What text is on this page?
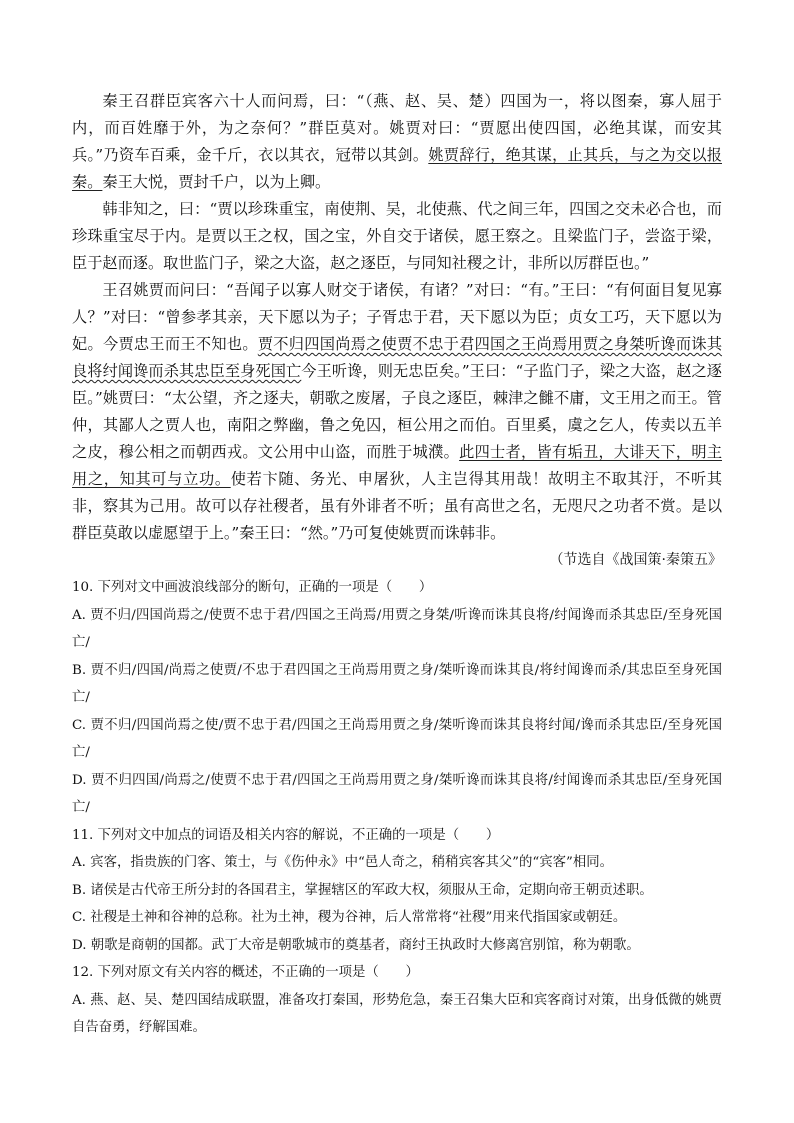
秦王召群臣宾客六十人而问焉，曰：“（燕、赵、吴、楚）四国为一，将以图秦，寡人屈于内，而百姓靡于外，为之奈何？”群臣莫对。姚贾对曰：“贾愿出使四国，必绝其谋，而安其兵。”乃资车百乘，金千斤，衣以其衣，冠带以其剑。姚贾辞行，绝其谋，止其兵，与之为交以报秦。秦王大悦，贾封千户，以为上卿。

韩非知之，曰：“贾以珍珠重宝，南使荆、吴，北使燕、代之间三年，四国之交未必合也，而珍珠重宝尽于内。是贾以王之权，国之宝，外自交于诸侯，愿王察之。且梁监门子，尝盗于梁，臣于赵而逐。取世监门子，梁之大盗，赵之逐臣，与同知社稷之计，非所以厉群臣也。”

王召姚贾而问曰：“吾闻子以寡人财交于诸侯，有诸？”对曰：“有。”王曰：“有何面目复见寡人？”对曰：“曾参孝其亲，天下愿以为子；子胥忠于君，天下愿以为臣；贞女工巧，天下愿以为妃。今贾忠王而王不知也。贾不归四国尚焉之使贾不忠于君四国之王尚焉用贾之身桀听谗而诛其良将纣闻谗而杀其忠臣至身死国亡今王听谗，则无忠臣矣。”王曰：“子监门子，梁之大盗，赵之逐臣。”姚贾曰：“太公望，齐之逐夫，朝歌之废屠，子良之逐臣，棘津之雠不庸，文王用之而王。管仲，其鄙人之贾人也，南阳之弊幽，鲁之免囚，桓公用之而伯。百里奚，虞之乞人，传卖以五羊之皮，穆公相之而朝西戎。文公用中山盗，而胜于城濮。此四士者，皆有垢丑，大诽天下，明主用之，知其可与立功。使若卞随、务光、申屠狄，人主岂得其用哉！故明主不取其汙，不听其非，察其为己用。故可以存社稷者，虽有外诽者不听；虽有高世之名，无咫尺之功者不赏。是以群臣莫敢以虚愿望于上。”秦王曰：“然。”乃可复使姚贾而诛韩非。

（节选自《战国策·秦策五》

10. 下列对文中画波浪线部分的断句，正确的一项是（　　）

A. 贾不归/四国尚焉之/使贾不忠于君/四国之王尚焉/用贾之身桀/听谗而诛其良将/纣闻谗而杀其忠臣/至身死国亡/

B. 贾不归/四国/尚焉之使贾/不忠于君四国之王尚焉用贾之身/桀听谗而诛其良/将纣闻谗而杀/其忠臣至身死国亡/

C. 贾不归/四国尚焉之使/贾不忠于君/四国之王尚焉用贾之身/桀听谗而诛其良将纣闻/谗而杀其忠臣/至身死国亡/

D. 贾不归四国/尚焉之/使贾不忠于君/四国之王尚焉用贾之身/桀听谗而诛其良将/纣闻谗而杀其忠臣/至身死国亡/

11. 下列对文中加点的词语及相关内容的解说，不正确的一项是（　　）

A. 宾客，指贵族的门客、策士，与《伤仲永》中“邑人奇之，稍稍宾客其父”的“宾客”相同。

B. 诸侯是古代帝王所分封的各国君主，掌握辖区的军政大权，须服从王命，定期向帝王朝贡述职。

C. 社稷是土神和谷神的总称。社为土神，稷为谷神，后人常常将“社稷”用来代指国家或朝廷。

D. 朝歌是商朝的国都。武丁大帝是朝歌城市的奠基者，商纣王执政时大修离宫别馆，称为朝歌。

12. 下列对原文有关内容的概述，不正确的一项是（　　）

A. 燕、赵、吴、楚四国结成联盟，准备攻打秦国，形势危急，秦王召集大臣和宾客商讨对策，出身低微的姚贾自告奋勇，纾解国难。
